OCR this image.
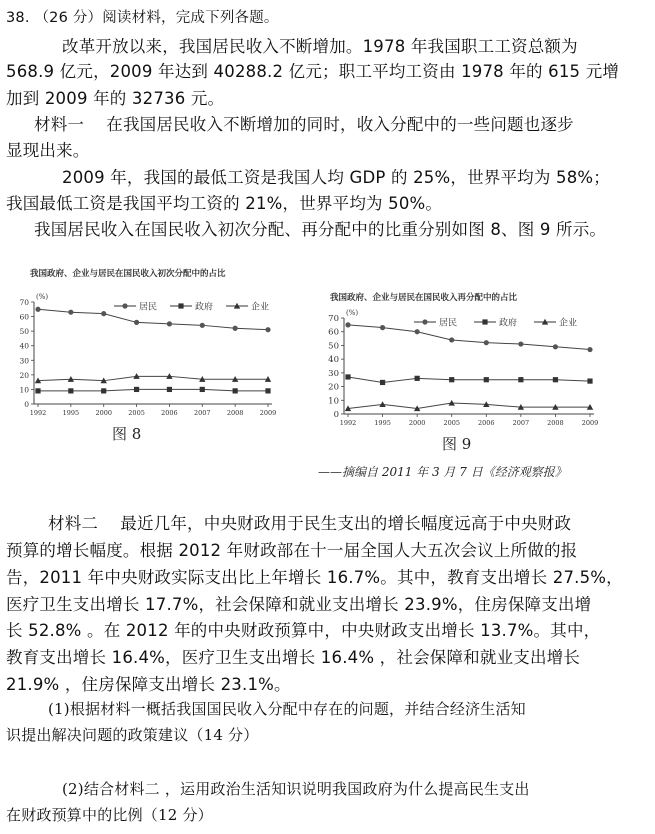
38. （26 分）阅读材料，完成下列各题。
改革开放以来，我国居民收入不断增加。1978 年我国职工工资总额为
568.9 亿元，2009 年达到 40288.2 亿元；职工平均工资由 1978 年的 615 元增
加到 2009 年的 32736 元。
材料一　 在我国居民收入不断增加的同时，收入分配中的一些问题也逐步
显现出来。
2009 年，我国的最低工资是我国人均 GDP 的 25%，世界平均为 58%；
我国最低工资是我国平均工资的 21%，世界平均为 50%。
我国居民收入在国民收入初次分配、再分配中的比重分别如图 8、图 9 所示。
我国政府、企业与居民在国民收入初次分配中的占比
(%)
0
10
20
30
40
50
60
70
1992	1995	2000	2005	2006	2007	2008	2009
居民	政府	企业
图 8
我国政府、企业与居民在国民收入再分配中的占比
(%)
0
10
20
30
40
50
60
70
1992	1995	2000	2005	2006	2007	2008	2009
居民	政府	企业
图 9
——摘编自 2011 年 3 月 7 日《经济观察报》
材料二　 最近几年，中央财政用于民生支出的增长幅度远高于中央财政
预算的增长幅度。根据 2012 年财政部在十一届全国人大五次会议上所做的报
告，2011 年中央财政实际支出比上年增长 16.7%。其中，教育支出增长 27.5%，
医疗卫生支出增长 17.7%，社会保障和就业支出增长 23.9%，住房保障支出增
长 52.8% 。在 2012 年的中央财政预算中，中央财政支出增长 13.7%。其中，
教育支出增长 16.4%，医疗卫生支出增长 16.4% ，社会保障和就业支出增长
21.9% ，住房保障支出增长 23.1%。
(1)根据材料一概括我国国民收入分配中存在的问题，并结合经济生活知
识提出解决问题的政策建议（14 分）
(2)结合材料二 ，运用政治生活知识说明我国政府为什么提高民生支出
在财政预算中的比例（12 分）
